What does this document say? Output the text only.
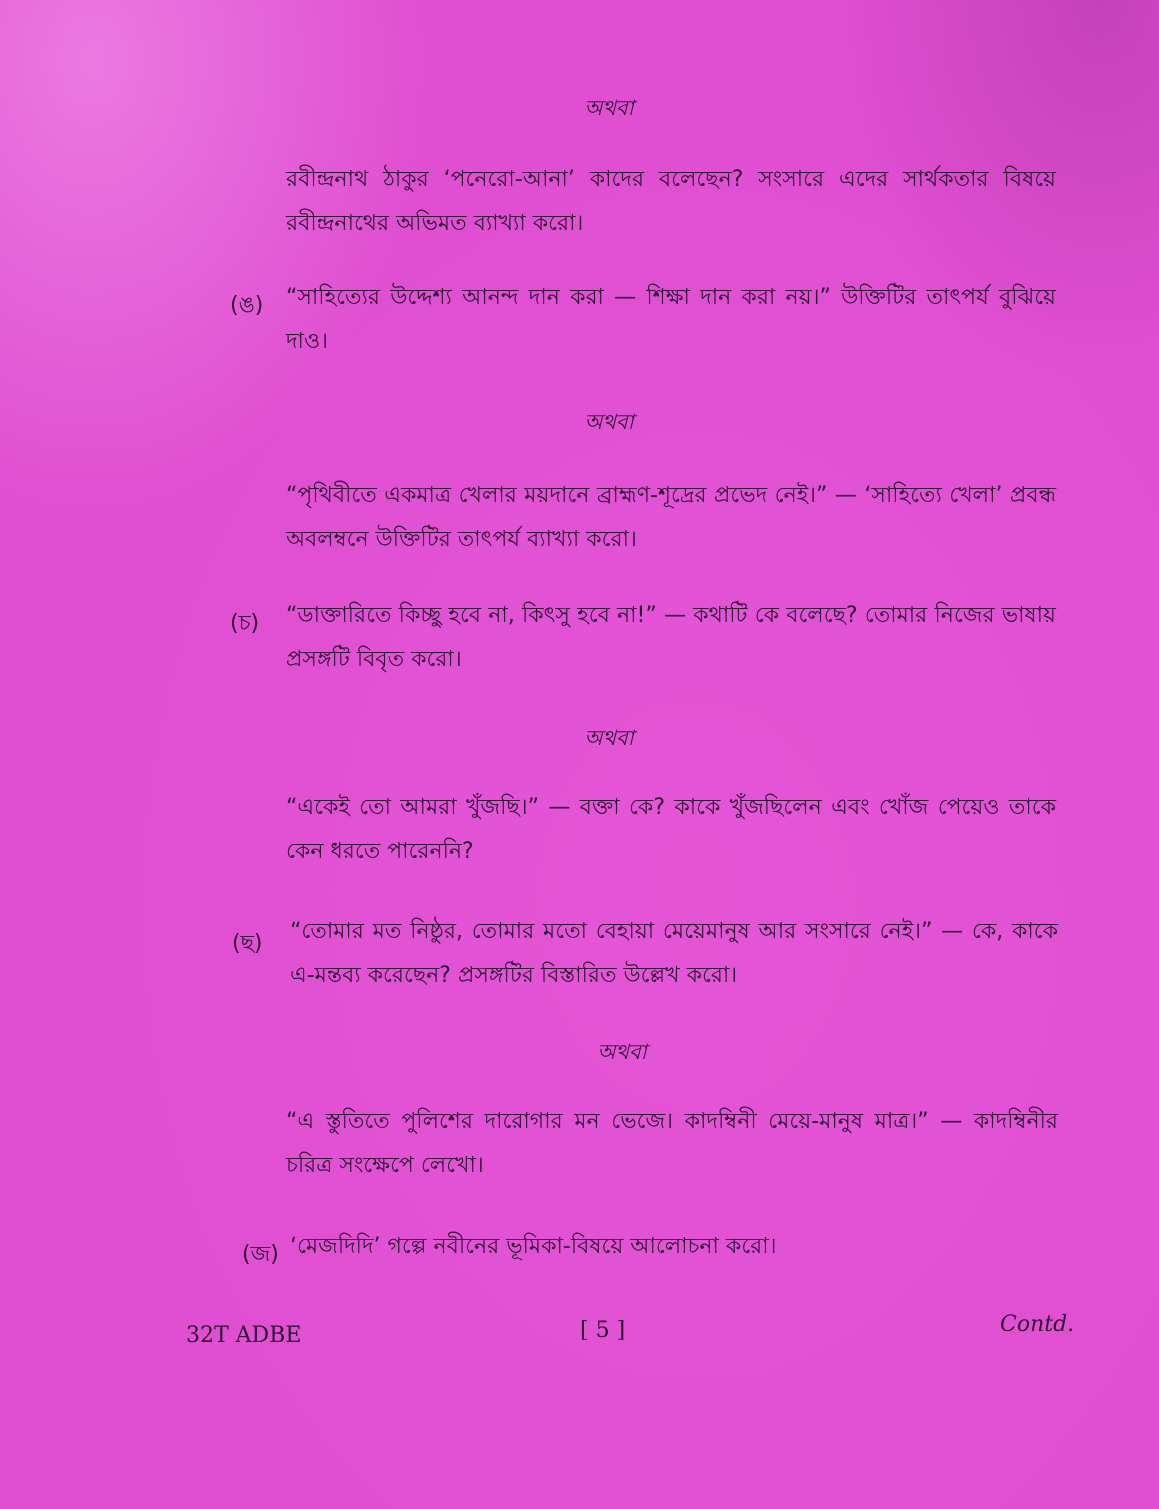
অথবা
রবীন্দ্রনাথ ঠাকুর ‘পনেরো-আনা’ কাদের বলেছেন? সংসারে এদের সার্থকতার বিষয়ে রবীন্দ্রনাথের অভিমত ব্যাখ্যা করো।
(ঙ) “সাহিত্যের উদ্দেশ্য আনন্দ দান করা — শিক্ষা দান করা নয়।” উক্তিটির তাৎপর্য বুঝিয়ে দাও।
অথবা
“পৃথিবীতে একমাত্র খেলার ময়দানে ব্রাহ্মণ-শূদ্রের প্রভেদ নেই।” — ‘সাহিত্যে খেলা’ প্রবন্ধ অবলম্বনে উক্তিটির তাৎপর্য ব্যাখ্যা করো।
(চ) “ডাক্তারিতে কিচ্ছু হবে না, কিৎসু হবে না!” — কথাটি কে বলেছে? তোমার নিজের ভাষায় প্রসঙ্গটি বিবৃত করো।
অথবা
“একেই তো আমরা খুঁজছি।” — বক্তা কে? কাকে খুঁজছিলেন এবং খোঁজ পেয়েও তাকে কেন ধরতে পারেননি?
(ছ) “তোমার মত নিষ্ঠুর, তোমার মতো বেহায়া মেয়েমানুষ আর সংসারে নেই।” — কে, কাকে এ-মন্তব্য করেছেন? প্রসঙ্গটির বিস্তারিত উল্লেখ করো।
অথবা
“এ স্তুতিতে পুলিশের দারোগার মন ভেজে। কাদম্বিনী মেয়ে-মানুষ মাত্র।” — কাদম্বিনীর চরিত্র সংক্ষেপে লেখো।
(জ) ‘মেজদিদি’ গল্পে নবীনের ভূমিকা-বিষয়ে আলোচনা করো।
32T ADBE	[ 5 ]	Contd.
